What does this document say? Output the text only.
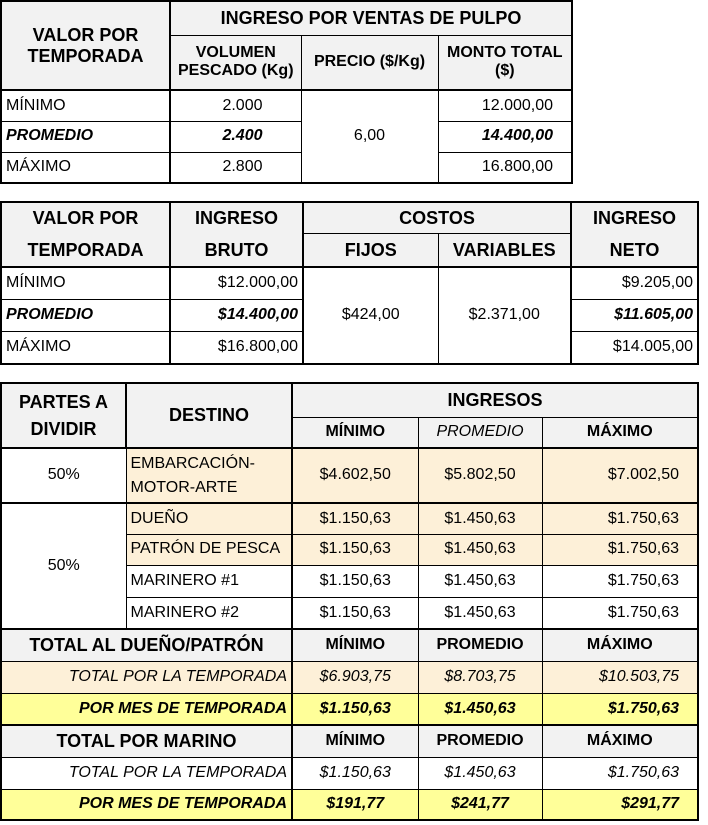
VALOR POR TEMPORADA	INGRESO POR VENTAS DE PULPO		
	VOLUMEN PESCADO (Kg)	PRECIO ($/Kg)	MONTO TOTAL ($)
MÍNIMO	2.000	6,00	12.000,00
PROMEDIO	2.400		14.400,00
MÁXIMO	2.800		16.800,00
VALOR POR TEMPORADA	INGRESO BRUTO	COSTOS		INGRESO NETO
		FIJOS	VARIABLES	
MÍNIMO	$12.000,00	$424,00	$2.371,00	$9.205,00
PROMEDIO	$14.400,00			$11.605,00
MÁXIMO	$16.800,00			$14.005,00
PARTES A DIVIDIR	DESTINO	INGRESOS		
		MÍNIMO	PROMEDIO	MÁXIMO
50%	EMBARCACIÓN-MOTOR-ARTE	$4.602,50	$5.802,50	$7.002,50
50%	DUEÑO	$1.150,63	$1.450,63	$1.750,63
	PATRÓN DE PESCA	$1.150,63	$1.450,63	$1.750,63
	MARINERO #1	$1.150,63	$1.450,63	$1.750,63
	MARINERO #2	$1.150,63	$1.450,63	$1.750,63
TOTAL AL DUEÑO/PATRÓN		MÍNIMO	PROMEDIO	MÁXIMO
TOTAL POR LA TEMPORADA		$6.903,75	$8.703,75	$10.503,75
POR MES DE TEMPORADA		$1.150,63	$1.450,63	$1.750,63
TOTAL POR MARINO		MÍNIMO	PROMEDIO	MÁXIMO
TOTAL POR LA TEMPORADA		$1.150,63	$1.450,63	$1.750,63
POR MES DE TEMPORADA		$191,77	$241,77	$291,77
